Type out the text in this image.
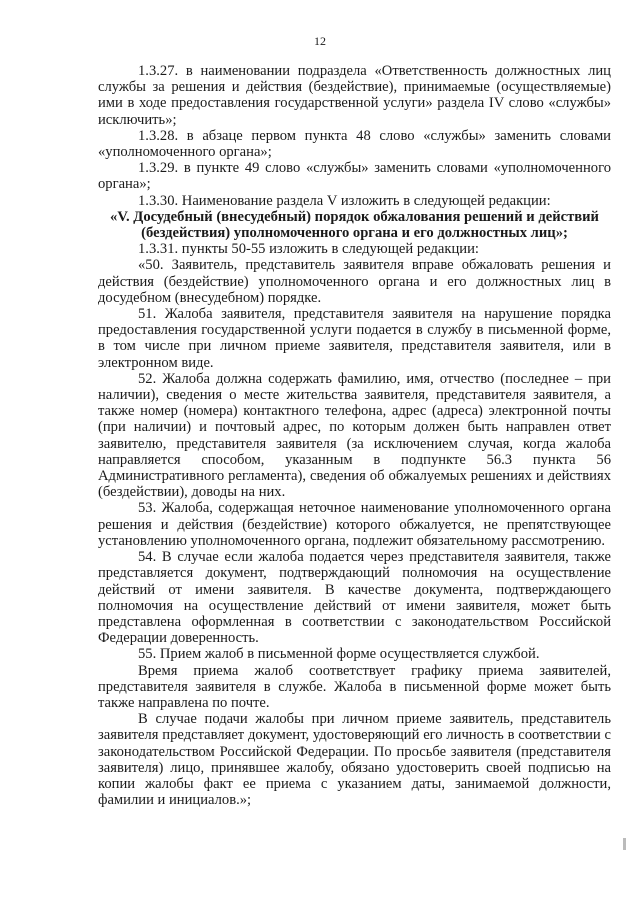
12

1.3.27. в наименовании подраздела «Ответственность должностных лиц службы за решения и действия (бездействие), принимаемые (осуществляемые) ими в ходе предоставления государственной услуги» раздела IV слово «службы» исключить»;

1.3.28. в абзаце первом пункта 48 слово «службы» заменить словами «уполномоченного органа»;

1.3.29. в пункте 49 слово «службы» заменить словами «уполномоченного органа»;

1.3.30. Наименование раздела V изложить в следующей редакции:

«V. Досудебный (внесудебный) порядок обжалования решений и действий (бездействия) уполномоченного органа и его должностных лиц»;

1.3.31. пункты 50-55 изложить в следующей редакции:

«50. Заявитель, представитель заявителя вправе обжаловать решения и действия (бездействие) уполномоченного органа и его должностных лиц в досудебном (внесудебном) порядке.

51. Жалоба заявителя, представителя заявителя на нарушение порядка предоставления государственной услуги подается в службу в письменной форме, в том числе при личном приеме заявителя, представителя заявителя, или в электронном виде.

52. Жалоба должна содержать фамилию, имя, отчество (последнее – при наличии), сведения о месте жительства заявителя, представителя заявителя, а также номер (номера) контактного телефона, адрес (адреса) электронной почты (при наличии) и почтовый адрес, по которым должен быть направлен ответ заявителю, представителя заявителя (за исключением случая, когда жалоба направляется способом, указанным в подпункте 56.3 пункта 56 Административного регламента), сведения об обжалуемых решениях и действиях (бездействии), доводы на них.

53. Жалоба, содержащая неточное наименование уполномоченного органа решения и действия (бездействие) которого обжалуется, не препятствующее установлению уполномоченного органа, подлежит обязательному рассмотрению.

54. В случае если жалоба подается через представителя заявителя, также представляется документ, подтверждающий полномочия на осуществление действий от имени заявителя. В качестве документа, подтверждающего полномочия на осуществление действий от имени заявителя, может быть представлена оформленная в соответствии с законодательством Российской Федерации доверенность.

55. Прием жалоб в письменной форме осуществляется службой.

Время приема жалоб соответствует графику приема заявителей, представителя заявителя в службе. Жалоба в письменной форме может быть также направлена по почте.

В случае подачи жалобы при личном приеме заявитель, представитель заявителя представляет документ, удостоверяющий его личность в соответствии с законодательством Российской Федерации. По просьбе заявителя (представителя заявителя) лицо, принявшее жалобу, обязано удостоверить своей подписью на копии жалобы факт ее приема с указанием даты, занимаемой должности, фамилии и инициалов.»;
